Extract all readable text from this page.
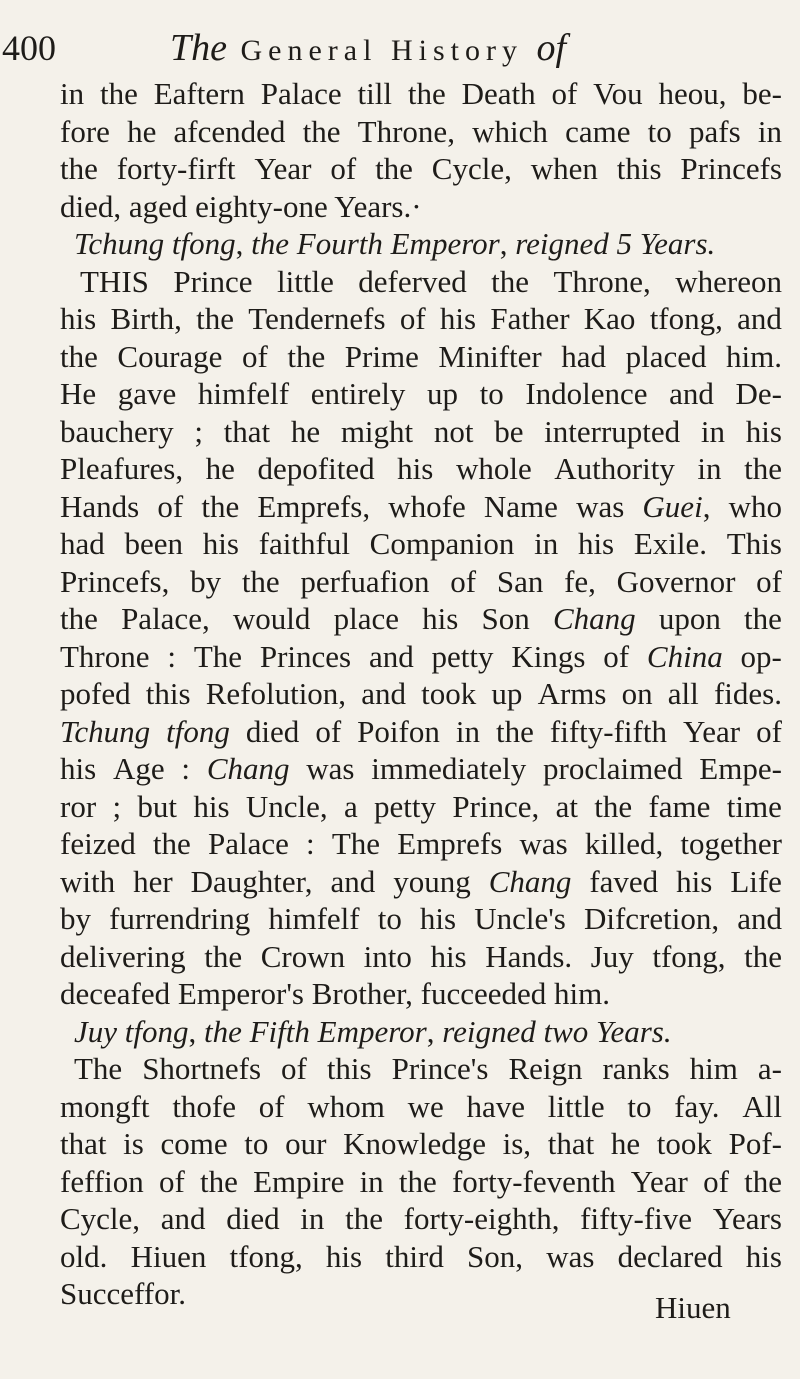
400	The General History of
in the Eaftern Palace till the Death of Vou heou, be-
fore he afcended the Throne, which came to pafs in
the forty-firft Year of the Cycle, when this Princefs
died, aged eighty-one Years.·
Tchung tfong, the Fourth Emperor, reigned 5 Years.
THIS Prince little deferved the Throne, whereon
his Birth, the Tendernefs of his Father Kao tfong, and
the Courage of the Prime Minifter had placed him.
He gave himfelf entirely up to Indolence and De-
bauchery ; that he might not be interrupted in his
Pleafures, he depofited his whole Authority in the
Hands of the Emprefs, whofe Name was Guei, who
had been his faithful Companion in his Exile. This
Princefs, by the perfuafion of San fe, Governor of
the Palace, would place his Son Chang upon the
Throne : The Princes and petty Kings of China op-
pofed this Refolution, and took up Arms on all fides.
Tchung tfong died of Poifon in the fifty-fifth Year of
his Age : Chang was immediately proclaimed Empe-
ror ; but his Uncle, a petty Prince, at the fame time
feized the Palace : The Emprefs was killed, together
with her Daughter, and young Chang faved his Life
by furrendring himfelf to his Uncle's Difcretion, and
delivering the Crown into his Hands. Juy tfong, the
deceafed Emperor's Brother, fucceeded him.
Juy tfong, the Fifth Emperor, reigned two Years.
The Shortnefs of this Prince's Reign ranks him a-
mongft thofe of whom we have little to fay. All
that is come to our Knowledge is, that he took Pof-
feffion of the Empire in the forty-feventh Year of the
Cycle, and died in the forty-eighth, fifty-five Years
old. Hiuen tfong, his third Son, was declared his
Succeffor.	Hiuen
